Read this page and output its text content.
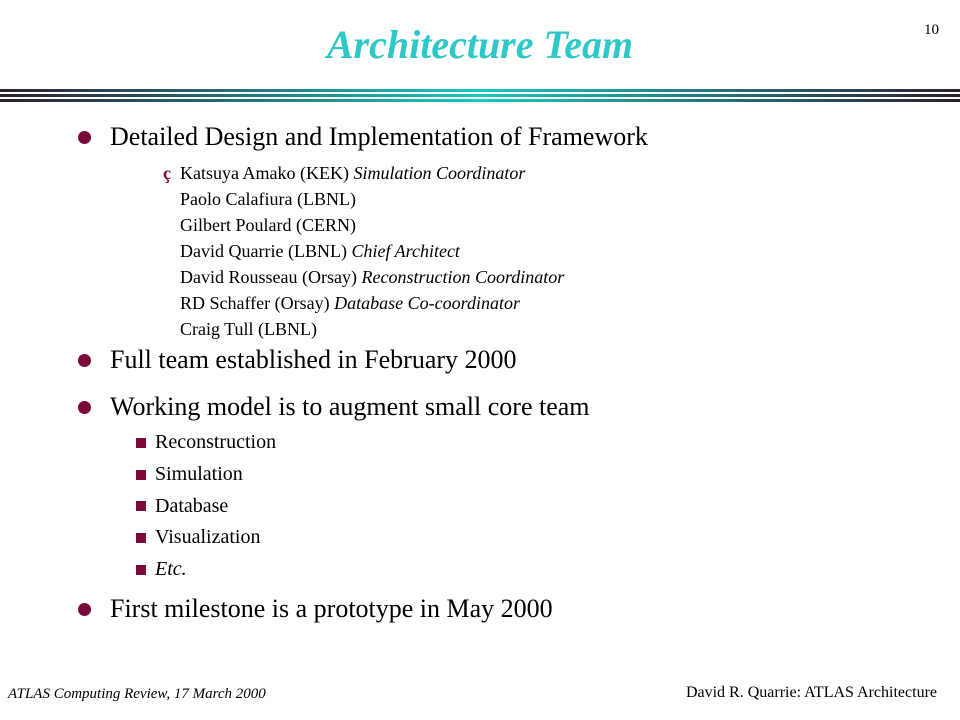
10
Architecture Team
Detailed Design and Implementation of Framework
ç Katsuya Amako (KEK) Simulation Coordinator
Paolo Calafiura (LBNL)
Gilbert Poulard (CERN)
David Quarrie (LBNL) Chief Architect
David Rousseau (Orsay) Reconstruction Coordinator
RD Schaffer (Orsay) Database Co-coordinator
Craig Tull (LBNL)
Full team established in February 2000
Working model is to augment small core team
Reconstruction
Simulation
Database
Visualization
Etc.
First milestone is a prototype in May 2000
ATLAS Computing Review, 17 March 2000	David R. Quarrie: ATLAS Architecture
